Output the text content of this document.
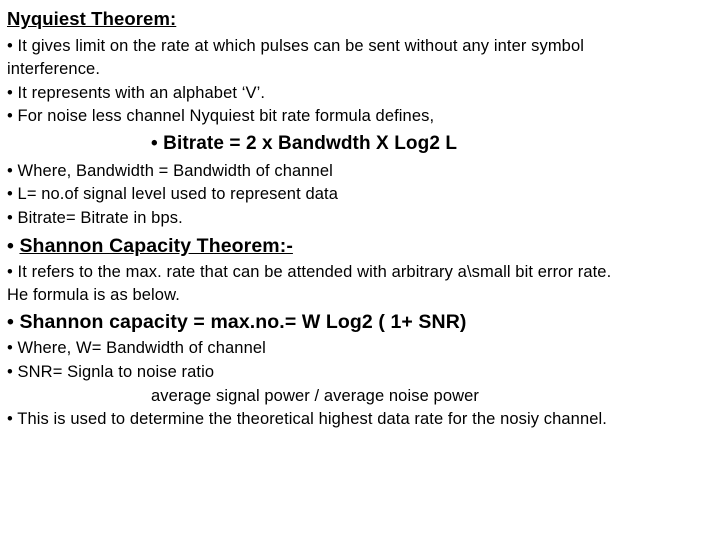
Nyquiest Theorem:
• It gives limit on the rate at which pulses can be sent without any inter symbol
interference.
• It represents with an alphabet ‘V’.
• For noise less channel Nyquiest bit rate formula defines,
• Bitrate = 2 x Bandwdth X Log2 L
• Where, Bandwidth = Bandwidth of channel
• L= no.of signal level used to represent data
• Bitrate= Bitrate in bps.
• Shannon Capacity Theorem:-
• It refers to the max. rate that can be attended with arbitrary a\small bit error rate.
He formula is as below.
• Shannon capacity = max.no.= W Log2 ( 1+ SNR)
• Where, W= Bandwidth of channel
• SNR= Signla to noise ratio
average signal power / average noise power
• This is used to determine the theoretical highest data rate for the nosiy channel.
